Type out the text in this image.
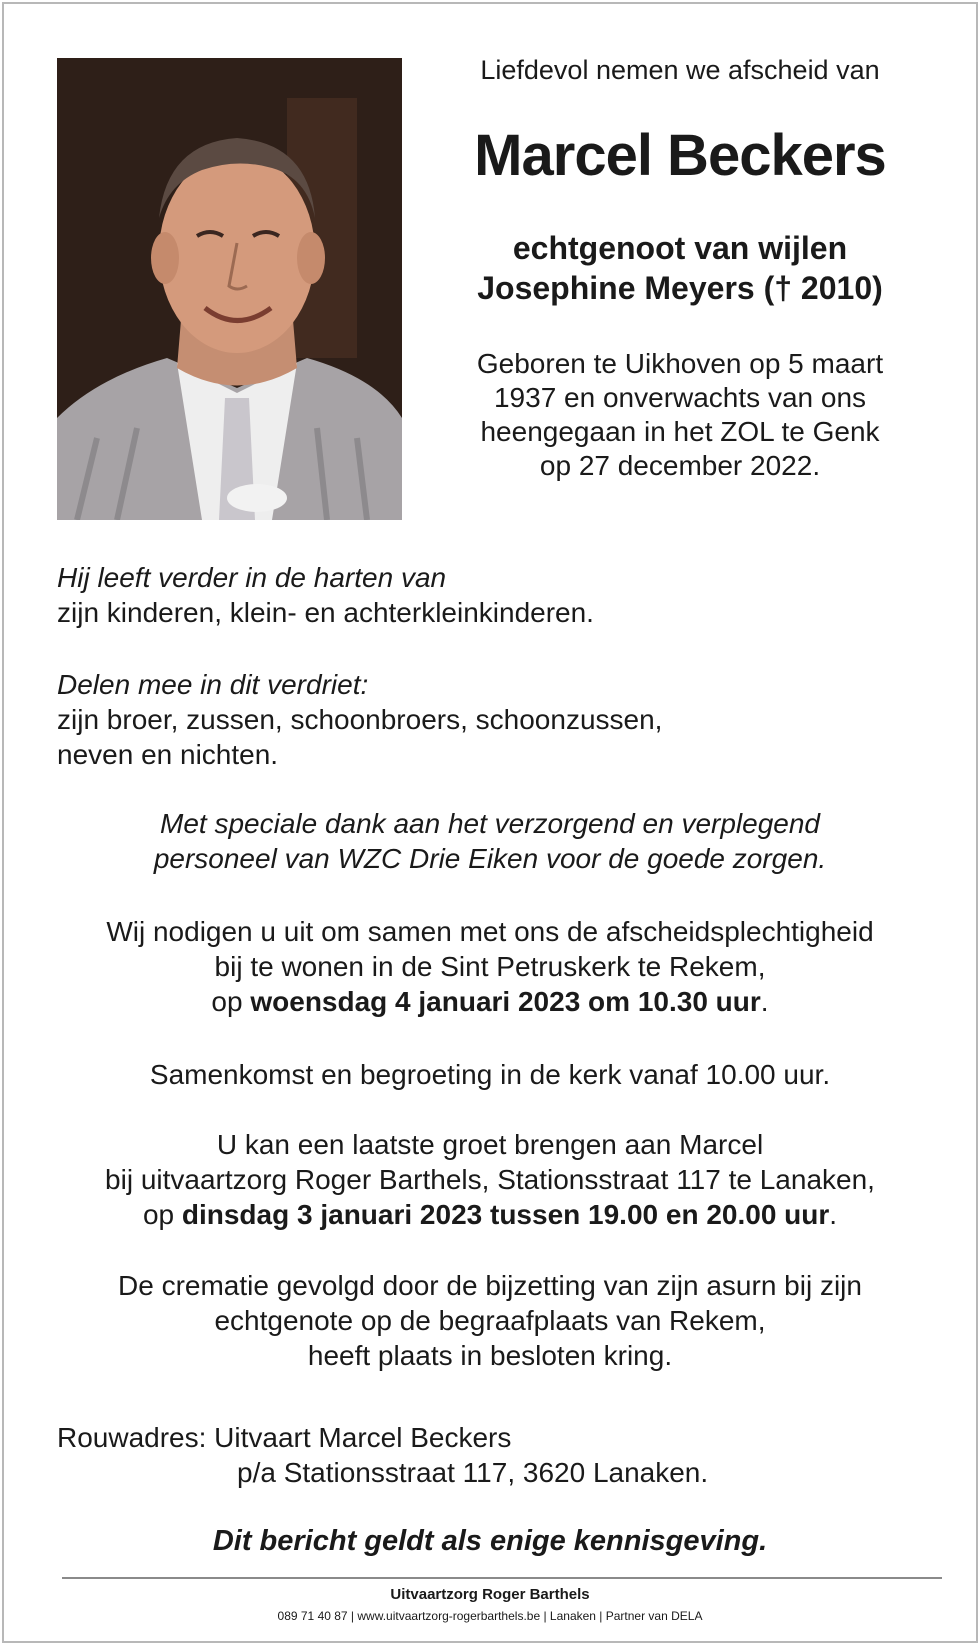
Liefdevol nemen we afscheid van
Marcel Beckers
echtgenoot van wijlen
Josephine Meyers († 2010)
Geboren te Uikhoven op 5 maart
1937 en onverwachts van ons
heengegaan in het ZOL te Genk
op 27 december 2022.
Hij leeft verder in de harten van
zijn kinderen, klein- en achterkleinkinderen.
Delen mee in dit verdriet:
zijn broer, zussen, schoonbroers, schoonzussen,
neven en nichten.
Met speciale dank aan het verzorgend en verplegend
personeel van WZC Drie Eiken voor de goede zorgen.
Wij nodigen u uit om samen met ons de afscheidsplechtigheid
bij te wonen in de Sint Petruskerk te Rekem,
op woensdag 4 januari 2023 om 10.30 uur.
Samenkomst en begroeting in de kerk vanaf 10.00 uur.
U kan een laatste groet brengen aan Marcel
bij uitvaartzorg Roger Barthels, Stationsstraat 117 te Lanaken,
op dinsdag 3 januari 2023 tussen 19.00 en 20.00 uur.
De crematie gevolgd door de bijzetting van zijn asurn bij zijn
echtgenote op de begraafplaats van Rekem,
heeft plaats in besloten kring.
Rouwadres: Uitvaart Marcel Beckers
p/a Stationsstraat 117, 3620 Lanaken.
Dit bericht geldt als enige kennisgeving.
Uitvaartzorg Roger Barthels
089 71 40 87 | www.uitvaartzorg-rogerbarthels.be | Lanaken | Partner van DELA
